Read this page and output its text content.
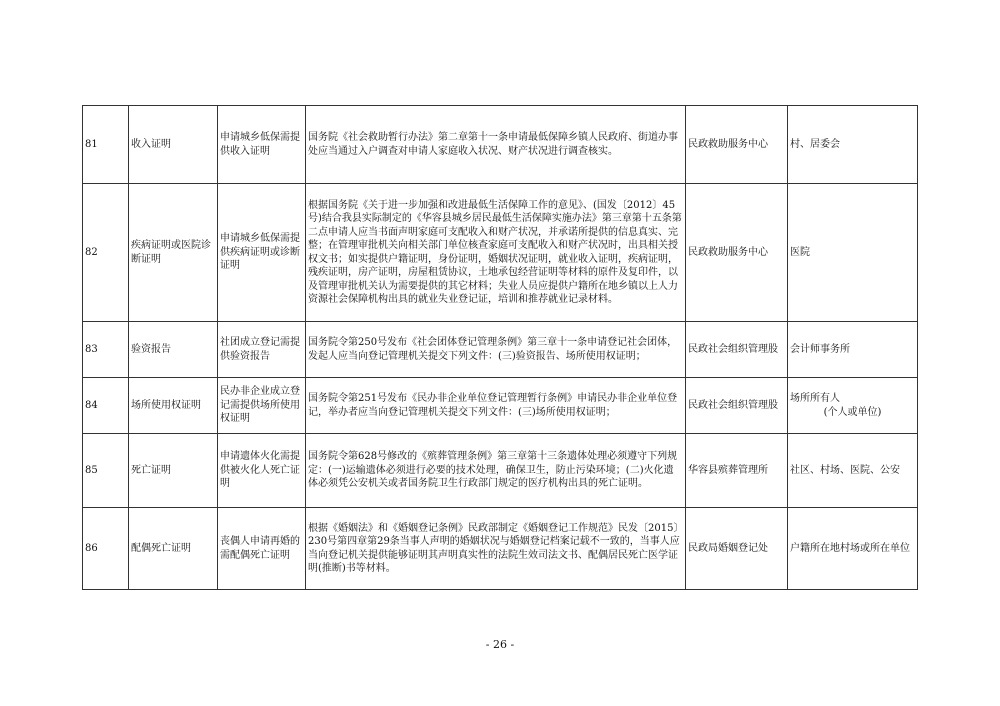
81	收入证明	申请城乡低保需提供收入证明	国务院《社会救助暂行办法》第二章第十一条申请最低保障乡镇人民政府、街道办事处应当通过入户调查对申请人家庭收入状况、财产状况进行调查核实。	民政救助服务中心	村、居委会
82	疾病证明或医院诊断证明	申请城乡低保需提供疾病证明或诊断证明	根据国务院《关于进一步加强和改进最低生活保障工作的意见》、(国发〔2012〕45号)结合我县实际制定的《华容县城乡居民最低生活保障实施办法》第三章第十五条第二点申请人应当书面声明家庭可支配收入和财产状况，并承诺所提供的信息真实、完整；在管理审批机关向相关部门单位核查家庭可支配收入和财产状况时，出具相关授权文书；如实提供户籍证明，身份证明，婚姻状况证明，就业收入证明，疾病证明，残疾证明，房产证明，房屋租赁协议，土地承包经营证明等材料的原件及复印件，以及管理审批机关认为需要提供的其它材料；失业人员应提供户籍所在地乡镇以上人力资源社会保障机构出具的就业失业登记证，培训和推荐就业记录材料。	民政救助服务中心	医院
83	验资报告	社团成立登记需提供验资报告	国务院令第250号发布《社会团体登记管理条例》第三章十一条申请登记社会团体，发起人应当向登记管理机关提交下列文件：(三)验资报告、场所使用权证明；	民政社会组织管理股	会计师事务所
84	场所使用权证明	民办非企业成立登记需提供场所使用权证明	国务院令第251号发布《民办非企业单位登记管理暂行条例》申请民办非企业单位登记，举办者应当向登记管理机关提交下列文件：(三)场所使用权证明；	民政社会组织管理股	场所所有人
(个人或单位)

85	死亡证明	申请遗体火化需提供被火化人死亡证明	国务院令第628号修改的《殡葬管理条例》第三章第十三条遗体处理必须遵守下列规定：(一)运输遗体必须进行必要的技术处理，确保卫生，防止污染环境；(二)火化遗体必须凭公安机关或者国务院卫生行政部门规定的医疗机构出具的死亡证明。	华容县殡葬管理所	社区、村场、医院、公安
86	配偶死亡证明	丧偶人申请再婚的需配偶死亡证明	根据《婚姻法》和《婚姻登记条例》民政部制定《婚姻登记工作规范》民发〔2015〕230号第四章第29条当事人声明的婚姻状况与婚姻登记档案记载不一致的，当事人应当向登记机关提供能够证明其声明真实性的法院生效司法文书、配偶居民死亡医学证明(推断)书等材料。	民政局婚姻登记处	户籍所在地村场或所在单位
- 26 -
